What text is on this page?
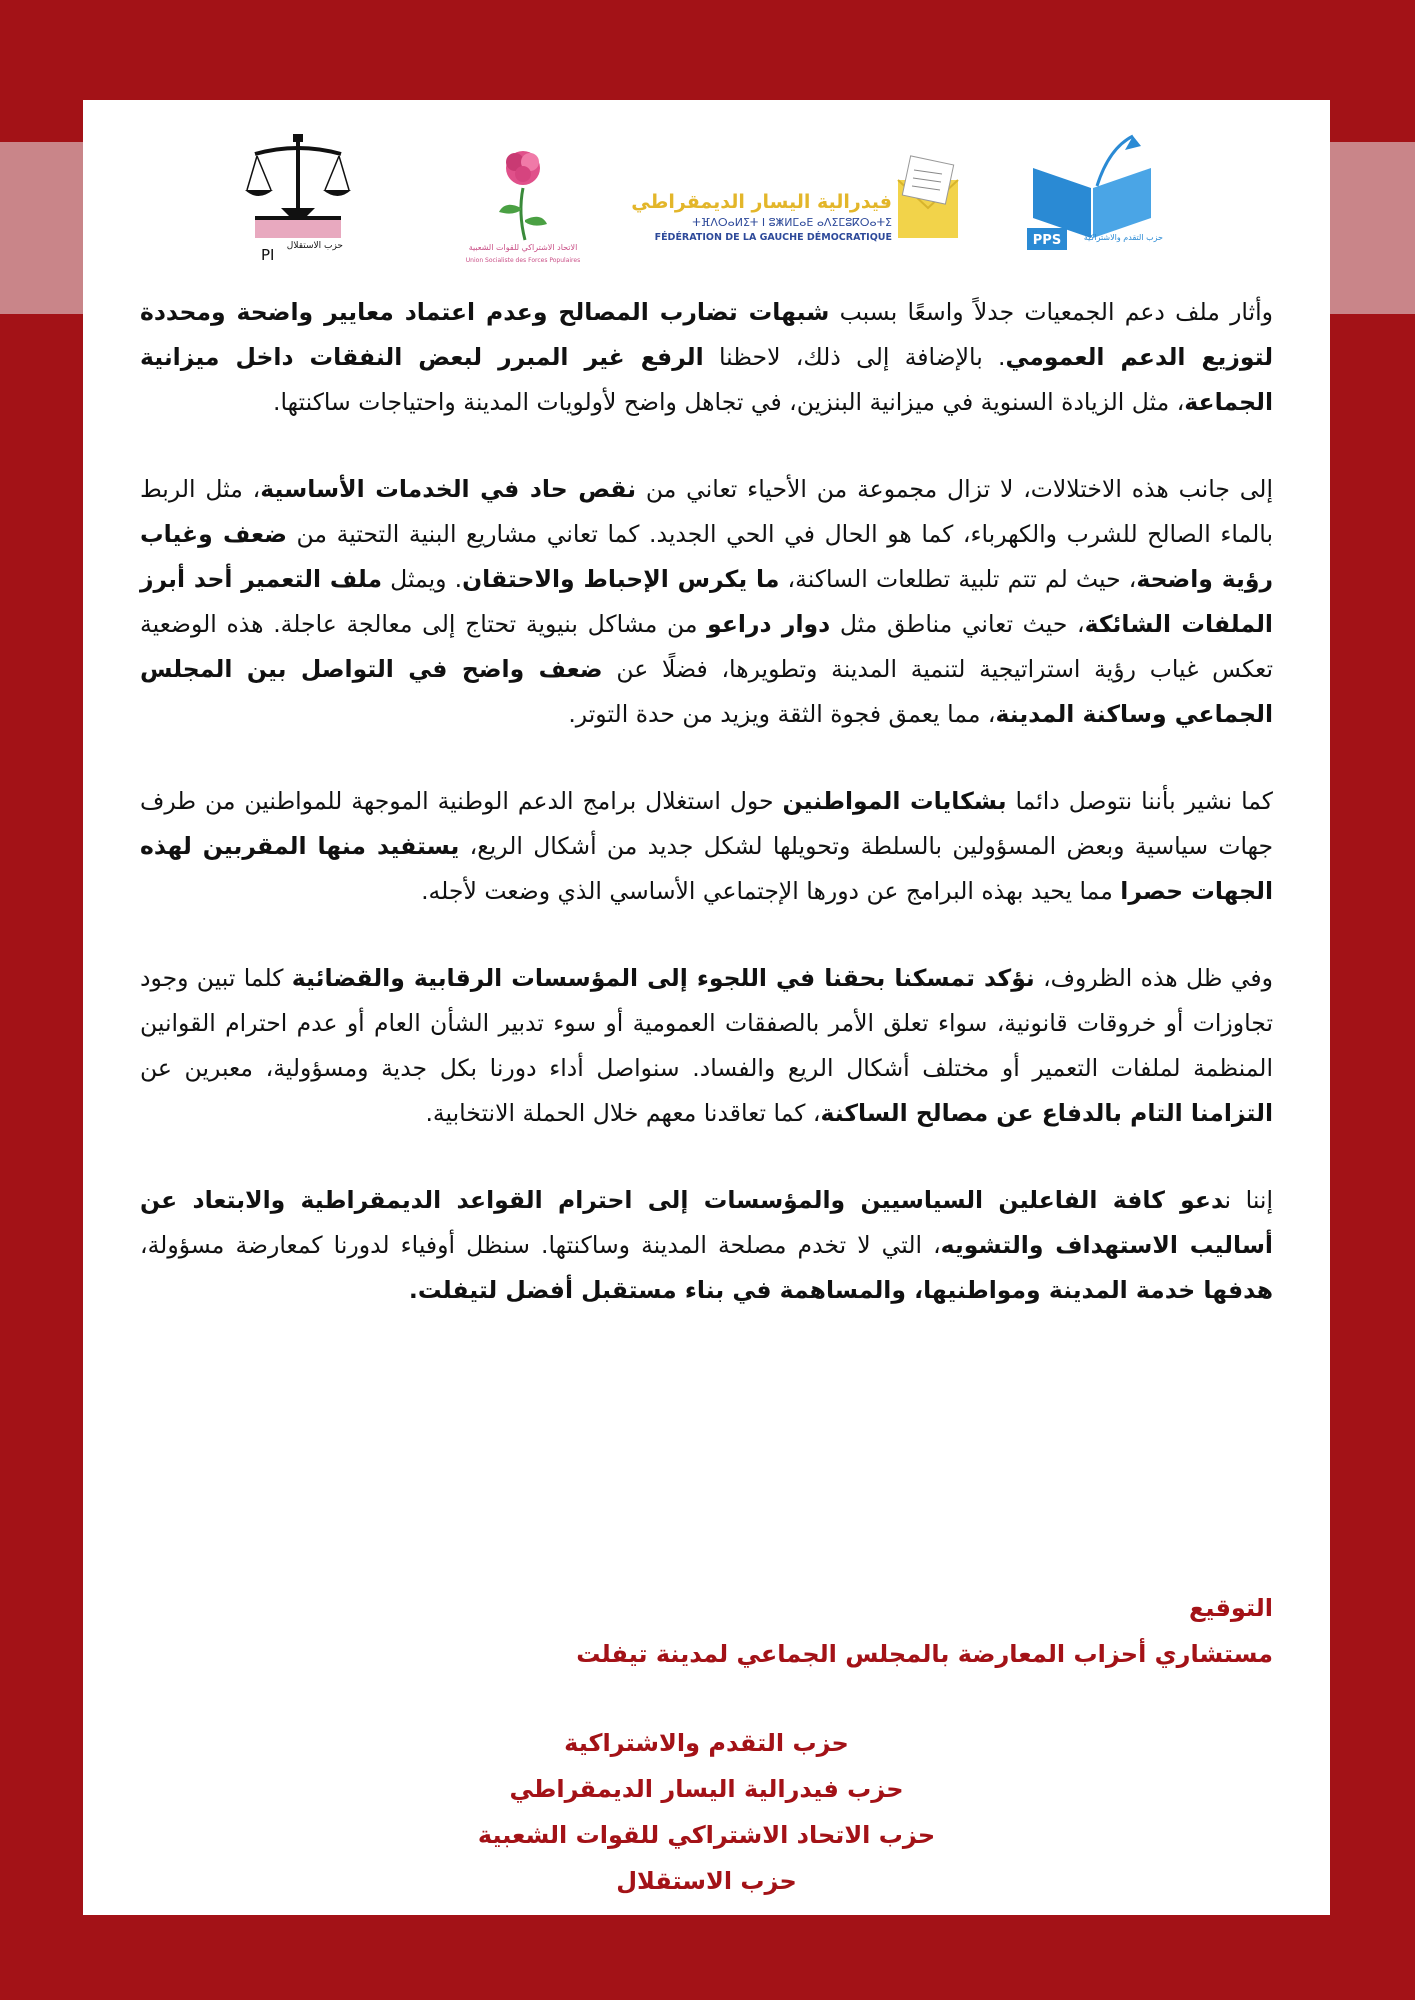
PI حزب الاستقلال	الاتحاد الاشتراكي للقوات الشعبية
Union Socialiste des Forces Populaires
فيدرالية اليسار الديمقراطي
ⵜⴼⴷⵔⴰⵍⵉⵜ ⵏ ⵓⵥⵍⵎⴰⴹ ⴰⴷⵉⵎⵓⴽⵔⴰⵜⵉ
FÉDÉRATION DE LA GAUCHE DÉMOCRATIQUE	PPS	حزب التقدم والاشتراكية

وأثار ملف دعم الجمعيات جدلاً واسعًا بسبب شبهات تضارب المصالح وعدم اعتماد معايير واضحة ومحددة لتوزيع الدعم العمومي. بالإضافة إلى ذلك، لاحظنا الرفع غير المبرر لبعض النفقات داخل ميزانية الجماعة، مثل الزيادة السنوية في ميزانية البنزين، في تجاهل واضح لأولويات المدينة واحتياجات ساكنتها.

إلى جانب هذه الاختلالات، لا تزال مجموعة من الأحياء تعاني من نقص حاد في الخدمات الأساسية، مثل الربط بالماء الصالح للشرب والكهرباء، كما هو الحال في الحي الجديد. كما تعاني مشاريع البنية التحتية من ضعف وغياب رؤية واضحة، حيث لم تتم تلبية تطلعات الساكنة، ما يكرس الإحباط والاحتقان. ويمثل ملف التعمير أحد أبرز الملفات الشائكة، حيث تعاني مناطق مثل دوار دراعو من مشاكل بنيوية تحتاج إلى معالجة عاجلة. هذه الوضعية تعكس غياب رؤية استراتيجية لتنمية المدينة وتطويرها، فضلًا عن ضعف واضح في التواصل بين المجلس الجماعي وساكنة المدينة، مما يعمق فجوة الثقة ويزيد من حدة التوتر.

كما نشير بأننا نتوصل دائما بشكايات المواطنين حول استغلال برامج الدعم الوطنية الموجهة للمواطنين من طرف جهات سياسية وبعض المسؤولين بالسلطة وتحويلها لشكل جديد من أشكال الريع، يستفيد منها المقربين لهذه الجهات حصرا مما يحيد بهذه البرامج عن دورها الإجتماعي الأساسي الذي وضعت لأجله.

وفي ظل هذه الظروف، نؤكد تمسكنا بحقنا في اللجوء إلى المؤسسات الرقابية والقضائية كلما تبين وجود تجاوزات أو خروقات قانونية، سواء تعلق الأمر بالصفقات العمومية أو سوء تدبير الشأن العام أو عدم احترام القوانين المنظمة لملفات التعمير أو مختلف أشكال الريع والفساد. سنواصل أداء دورنا بكل جدية ومسؤولية، معبرين عن التزامنا التام بالدفاع عن مصالح الساكنة، كما تعاقدنا معهم خلال الحملة الانتخابية.

إننا ندعو كافة الفاعلين السياسيين والمؤسسات إلى احترام القواعد الديمقراطية والابتعاد عن أساليب الاستهداف والتشويه، التي لا تخدم مصلحة المدينة وساكنتها. سنظل أوفياء لدورنا كمعارضة مسؤولة، هدفها خدمة المدينة ومواطنيها، والمساهمة في بناء مستقبل أفضل لتيفلت.

التوقيع
مستشاري أحزاب المعارضة بالمجلس الجماعي لمدينة تيفلت
حزب التقدم والاشتراكية
حزب فيدرالية اليسار الديمقراطي
حزب الاتحاد الاشتراكي للقوات الشعبية
حزب الاستقلال
